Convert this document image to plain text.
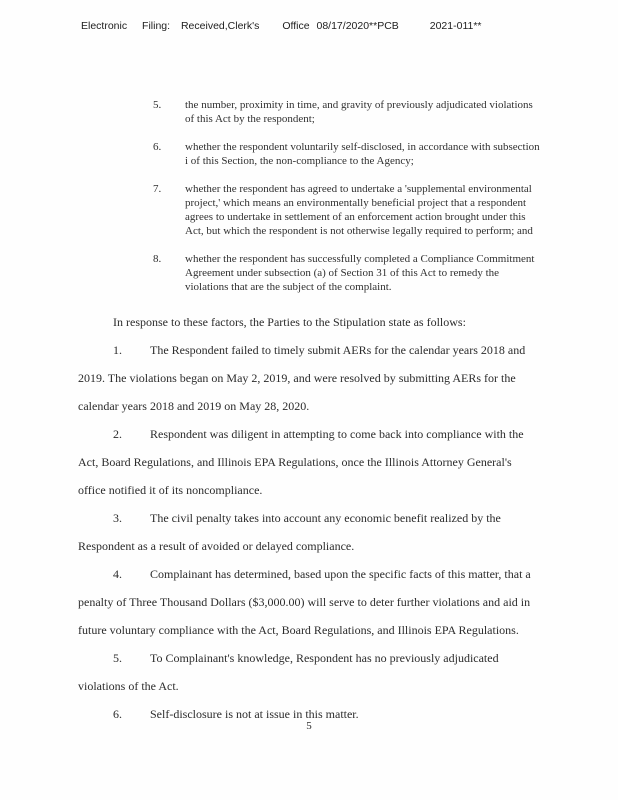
Electronic Filing: Received,Clerk's Office 08/17/2020**PCB	2021-011**
5.	the number, proximity in time, and gravity of previously adjudicated violations of this Act by the respondent;
6.	whether the respondent voluntarily self-disclosed, in accordance with subsection i of this Section, the non-compliance to the Agency;
7.	whether the respondent has agreed to undertake a 'supplemental environmental project,' which means an environmentally beneficial project that a respondent agrees to undertake in settlement of an enforcement action brought under this Act, but which the respondent is not otherwise legally required to perform; and
8.	whether the respondent has successfully completed a Compliance Commitment Agreement under subsection (a) of Section 31 of this Act to remedy the violations that are the subject of the complaint.

In response to these factors, the Parties to the Stipulation state as follows:

1. The Respondent failed to timely submit AERs for the calendar years 2018 and 2019. The violations began on May 2, 2019, and were resolved by submitting AERs for the calendar years 2018 and 2019 on May 28, 2020.

2. Respondent was diligent in attempting to come back into compliance with the Act, Board Regulations, and Illinois EPA Regulations, once the Illinois Attorney General's office notified it of its noncompliance.

3. The civil penalty takes into account any economic benefit realized by the Respondent as a result of avoided or delayed compliance.

4. Complainant has determined, based upon the specific facts of this matter, that a penalty of Three Thousand Dollars ($3,000.00) will serve to deter further violations and aid in future voluntary compliance with the Act, Board Regulations, and Illinois EPA Regulations.

5. To Complainant's knowledge, Respondent has no previously adjudicated violations of the Act.

6. Self-disclosure is not at issue in this matter.

5
